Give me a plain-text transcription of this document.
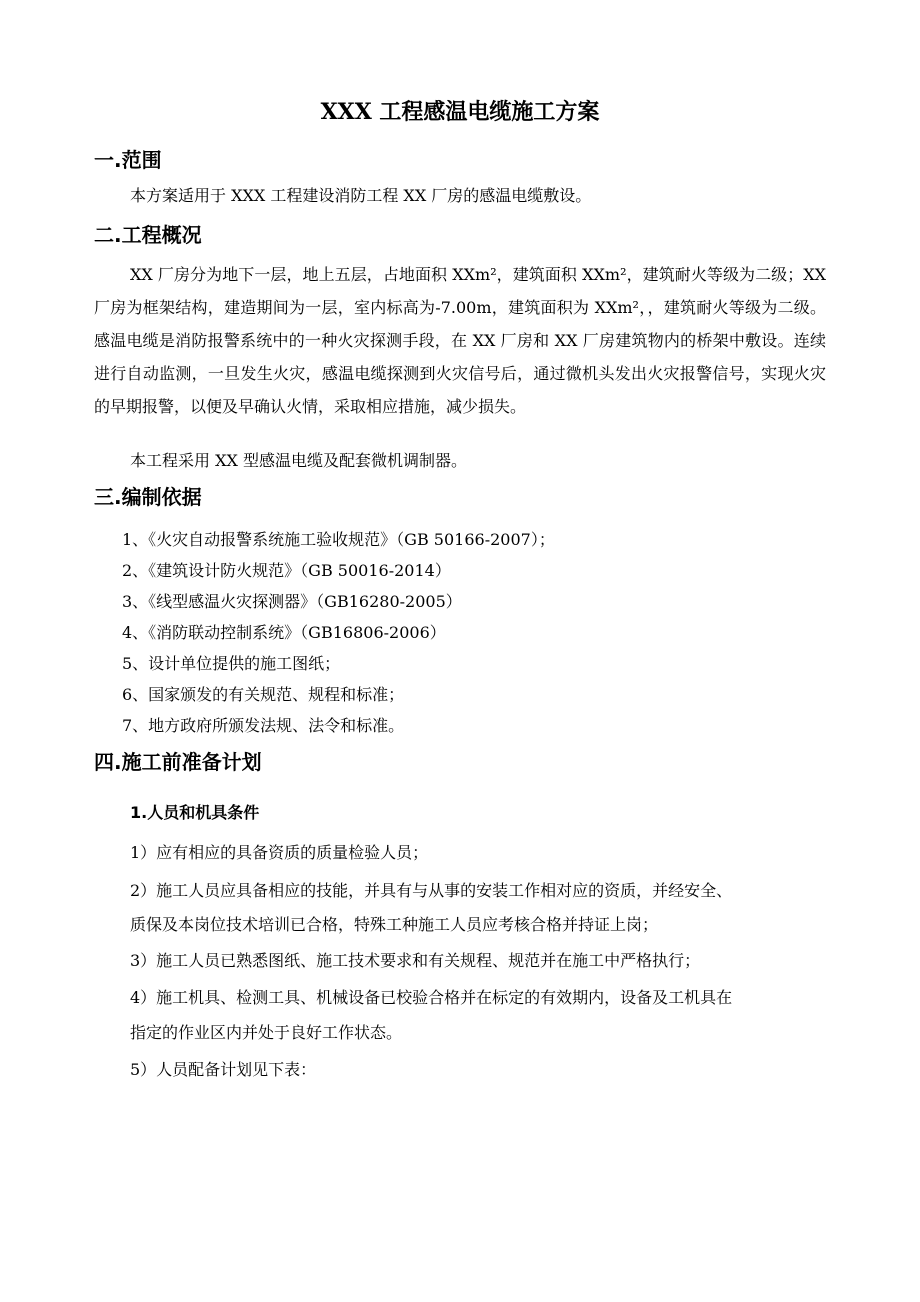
XXX 工程感温电缆施工方案
一.范围
本方案适用于 XXX 工程建设消防工程 XX 厂房的感温电缆敷设。
二.工程概况
XX 厂房分为地下一层，地上五层，占地面积 XXm²，建筑面积 XXm²，建筑耐火等级为二级；XX 厂房为框架结构，建造期间为一层，室内标高为-7.00m，建筑面积为 XXm²，，建筑耐火等级为二级。感温电缆是消防报警系统中的一种火灾探测手段，在 XX 厂房和 XX 厂房建筑物内的桥架中敷设。连续进行自动监测，一旦发生火灾，感温电缆探测到火灾信号后，通过微机头发出火灾报警信号，实现火灾的早期报警，以便及早确认火情，采取相应措施，减少损失。
本工程采用 XX 型感温电缆及配套微机调制器。
三.编制依据
1、《火灾自动报警系统施工验收规范》（GB 50166-2007）；
2、《建筑设计防火规范》（GB 50016-2014）
3、《线型感温火灾探测器》（GB16280-2005）
4、《消防联动控制系统》（GB16806-2006）
5、设计单位提供的施工图纸；
6、国家颁发的有关规范、规程和标准；
7、地方政府所颁发法规、法令和标准。
四.施工前准备计划
1.人员和机具条件
1）应有相应的具备资质的质量检验人员；
2）施工人员应具备相应的技能，并具有与从事的安装工作相对应的资质，并经安全、
质保及本岗位技术培训已合格，特殊工种施工人员应考核合格并持证上岗；
3）施工人员已熟悉图纸、施工技术要求和有关规程、规范并在施工中严格执行；
4）施工机具、检测工具、机械设备已校验合格并在标定的有效期内，设备及工机具在
指定的作业区内并处于良好工作状态。
5）人员配备计划见下表：
